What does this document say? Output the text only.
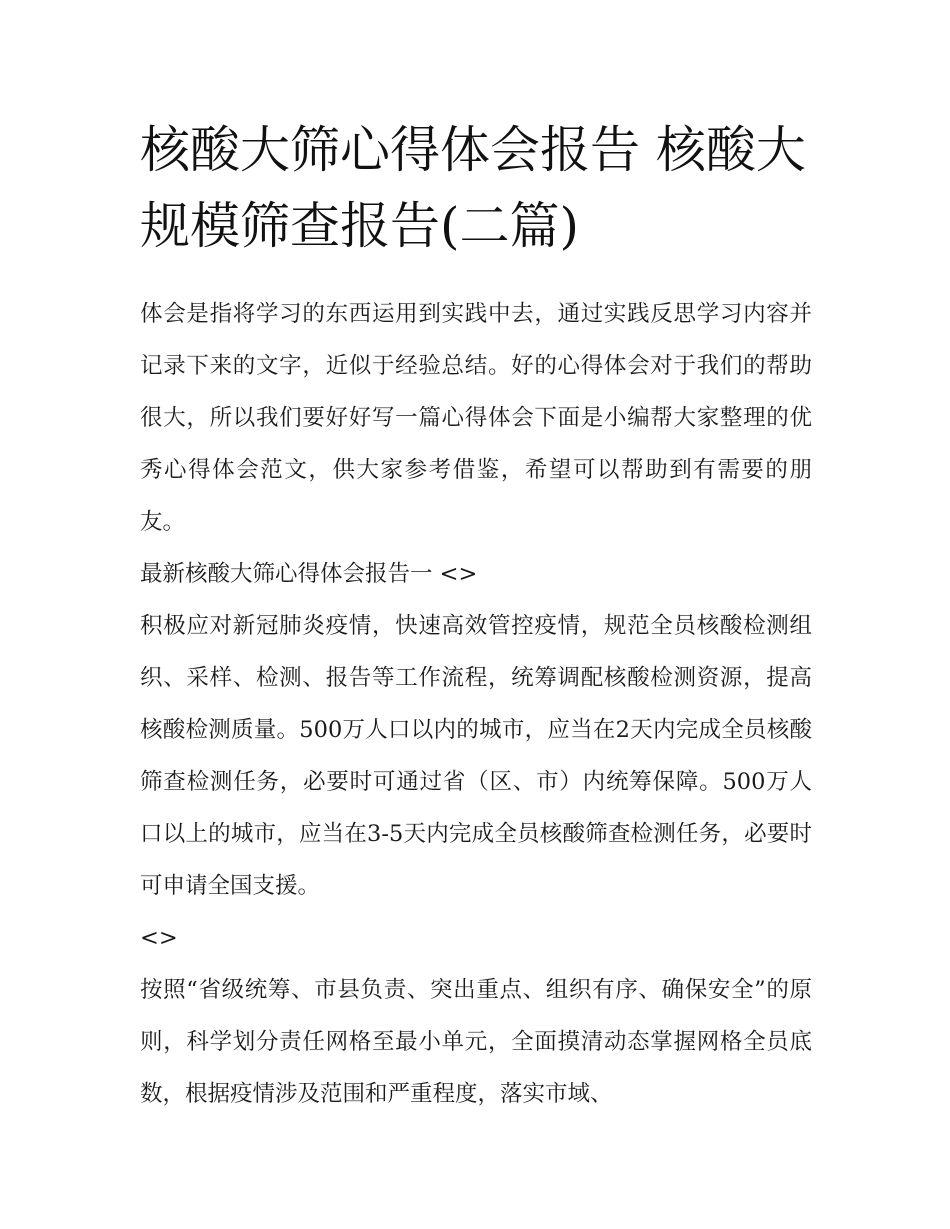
核酸大筛心得体会报告 核酸大规模筛查报告(二篇)

体会是指将学习的东西运用到实践中去，通过实践反思学习内容并记录下来的文字，近似于经验总结。好的心得体会对于我们的帮助很大，所以我们要好好写一篇心得体会下面是小编帮大家整理的优秀心得体会范文，供大家参考借鉴，希望可以帮助到有需要的朋友。

最新核酸大筛心得体会报告一 <>

积极应对新冠肺炎疫情，快速高效管控疫情，规范全员核酸检测组织、采样、检测、报告等工作流程，统筹调配核酸检测资源，提高核酸检测质量。500万人口以内的城市，应当在2天内完成全员核酸筛查检测任务，必要时可通过省（区、市）内统筹保障。500万人口以上的城市，应当在3-5天内完成全员核酸筛查检测任务，必要时可申请全国支援。

<>

按照“省级统筹、市县负责、突出重点、组织有序、确保安全”的原则，科学划分责任网格至最小单元，全面摸清动态掌握网格全员底数，根据疫情涉及范围和严重程度，落实市域、
